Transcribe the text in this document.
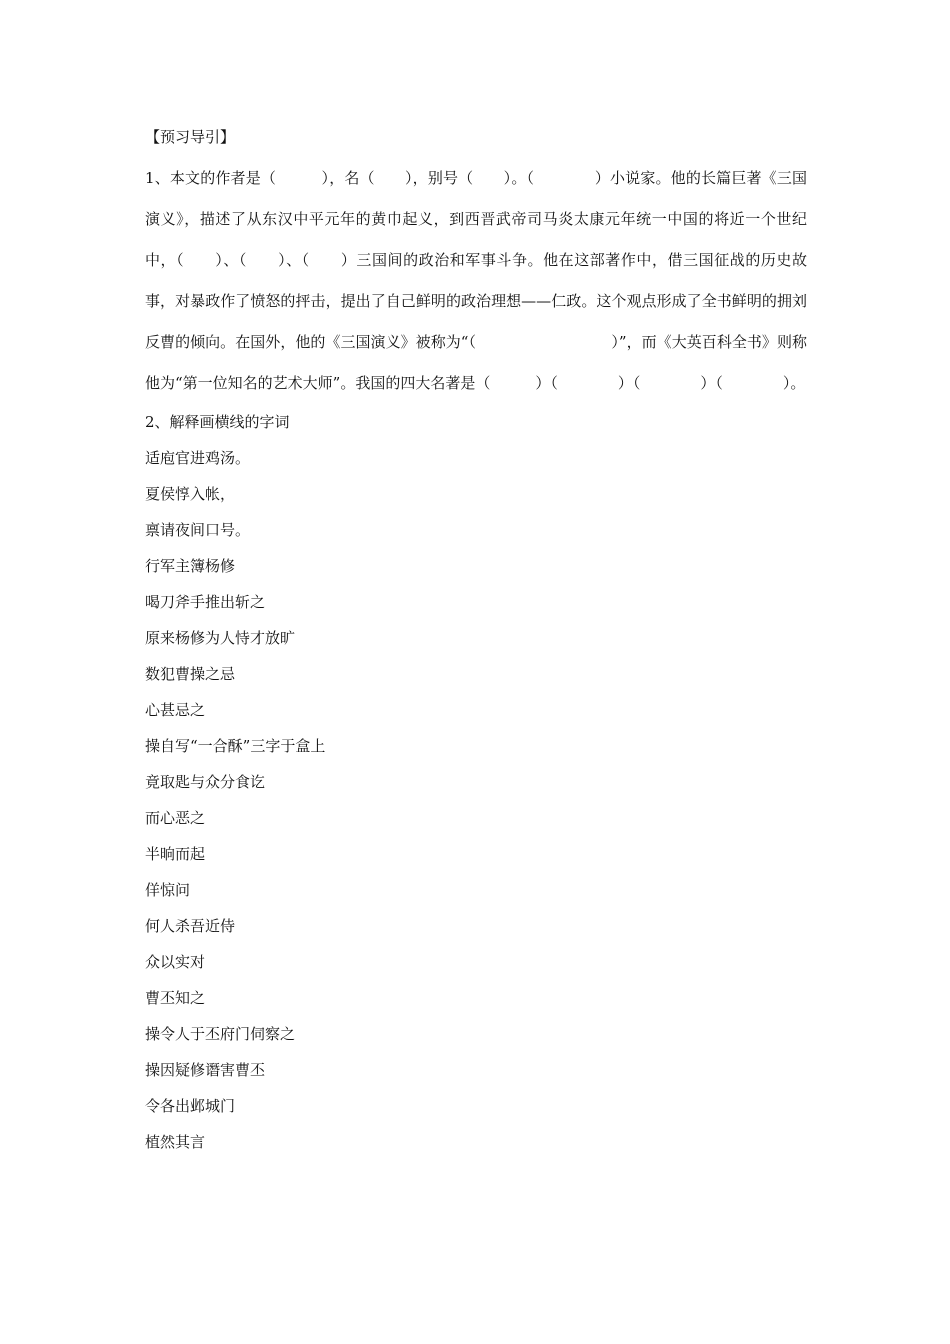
【预习导引】

1、本文的作者是（　　　），名（　　），别号（　　）。（　　　　）小说家。他的长篇巨著《三国演义》，描述了从东汉中平元年的黄巾起义，到西晋武帝司马炎太康元年统一中国的将近一个世纪中，（　　）、（　　）、（　　）三国间的政治和军事斗争。他在这部著作中，借三国征战的历史故事，对暴政作了愤怒的抨击，提出了自己鲜明的政治理想——仁政。这个观点形成了全书鲜明的拥刘反曹的倾向。在国外，他的《三国演义》被称为“（　　　　　　　　　）”，而《大英百科全书》则称他为“第一位知名的艺术大师”。我国的四大名著是（　　　）（　　　　）（　　　　）（　　　　）。

2、解释画横线的字词
适庖官进鸡汤。
夏侯惇入帐，
禀请夜间口号。
行军主簿杨修
喝刀斧手推出斩之
原来杨修为人恃才放旷
数犯曹操之忌
心甚忌之
操自写“一合酥”三字于盒上
竟取匙与众分食讫
而心恶之
半晌而起
佯惊问
何人杀吾近侍
众以实对
曹丕知之
操令人于丕府门伺察之
操因疑修谮害曹丕
令各出邺城门
植然其言
